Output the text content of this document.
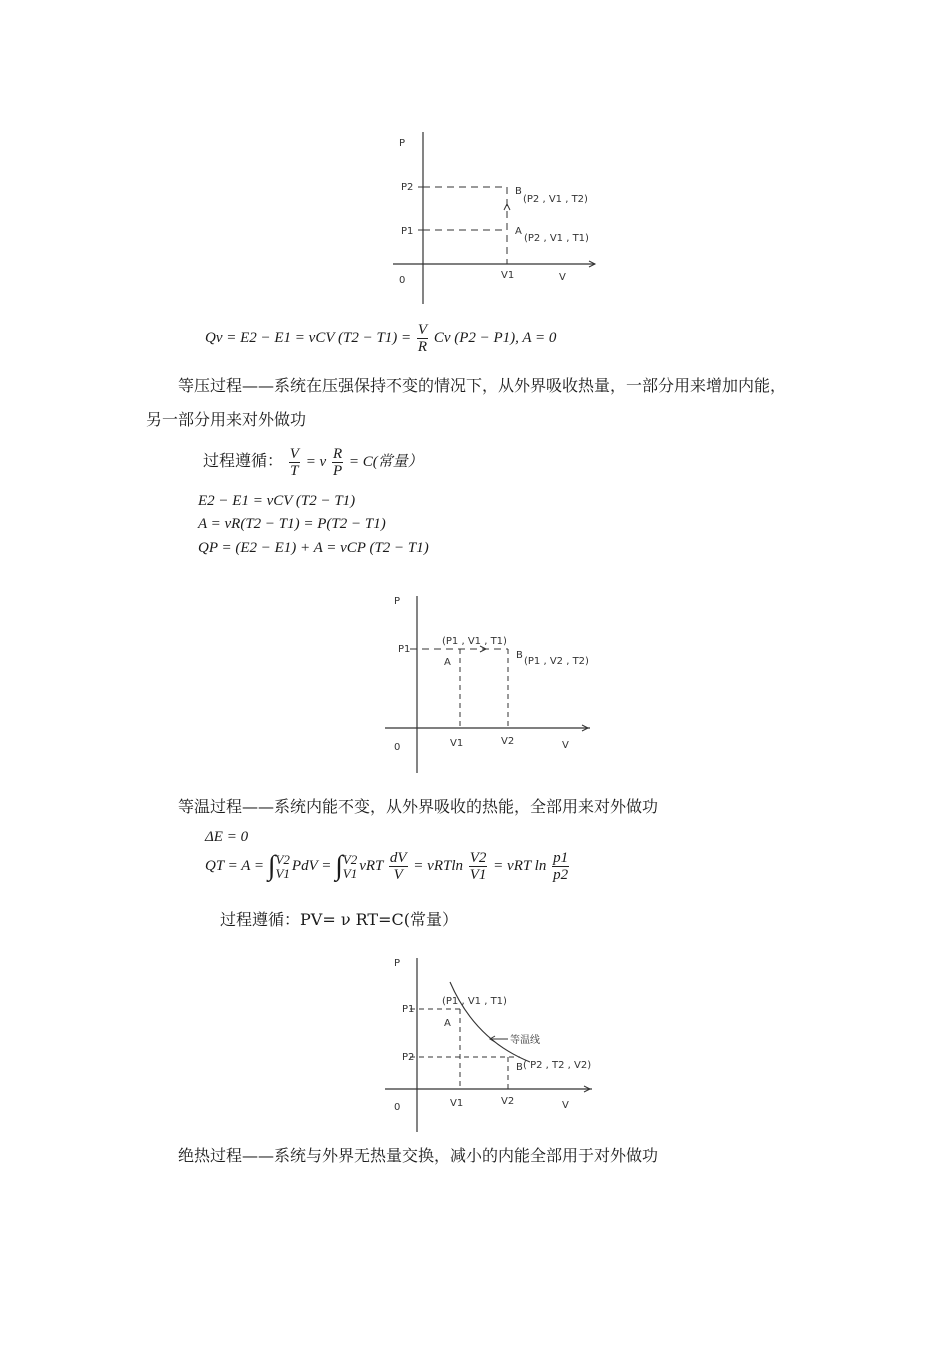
P
V
0
P2
P1
V1
B
(P2 , V1 , T2)
A
(P2 , V1 , T1)
Qv = E2 − E1 = νCV $(T2 - T1) = \frac{V}{R}$ Cv (P2 − P1), A = 0
等压过程——系统在压强保持不变的情况下，从外界吸收热量，一部分用来增加内能，
另一部分用来对外做功
过程遵循： $\frac{V}{T} = \nu \frac{R}{P} = C$(常量）
E2 − E1 = νCV (T2 − T1)
A = νR(T2 − T1) = P(T2 − T1)
QP = (E2 − E1) + A = νCP (T2 − T1)
P
V
0
P1
V1	V2
(P1 , V1 , T1)
A
B
(P1 , V2 , T2)
等温过程——系统内能不变，从外界吸收的热能，全部用来对外做功
ΔE = 0
QT = A = ∫ V2
V1 PdV = ∫ V2
V1 νRT $\frac{dV}{V} = \nu RTln \frac{V2}{V1} = \nu RT$ $\ln \frac{p1}{p2}$
过程遵循：PV= ν RT=C(常量）
P
V
0
P1
P2
V1	V2
(P1 , V1 , T1)
A
等温线
B ( P2 , T2 , V2)
绝热过程——系统与外界无热量交换，减小的内能全部用于对外做功
